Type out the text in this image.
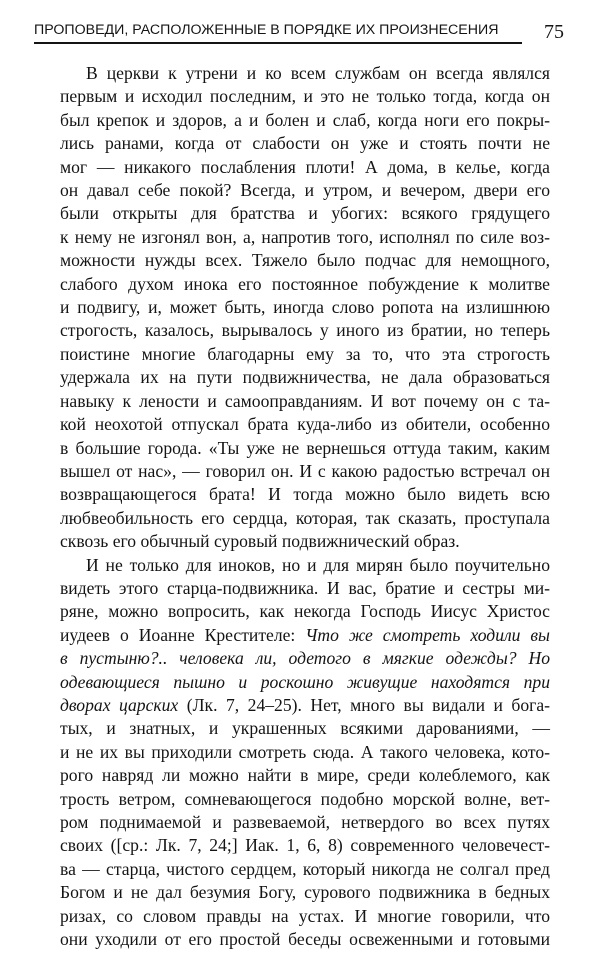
ПРОПОВЕДИ, РАСПОЛОЖЕННЫЕ В ПОРЯДКЕ ИХ ПРОИЗНЕСЕНИЯ 75
В церкви к утрени и ко всем службам он всегда являлся
первым и исходил последним, и это не только тогда, когда он
был крепок и здоров, а и болен и слаб, когда ноги его покры-
лись ранами, когда от слабости он уже и стоять почти не
мог — никакого послабления плоти! А дома, в келье, когда
он давал себе покой? Всегда, и утром, и вечером, двери его
были открыты для братства и убогих: всякого грядущего
к нему не изгонял вон, а, напротив того, исполнял по силе воз-
можности нужды всех. Тяжело было подчас для немощного,
слабого духом инока его постоянное побуждение к молитве
и подвигу, и, может быть, иногда слово ропота на излишнюю
строгость, казалось, вырывалось у иного из братии, но теперь
поистине многие благодарны ему за то, что эта строгость
удержала их на пути подвижничества, не дала образоваться
навыку к лености и самооправданиям. И вот почему он с та-
кой неохотой отпускал брата куда-либо из обители, особенно
в большие города. «Ты уже не вернешься оттуда таким, каким
вышел от нас», — говорил он. И с какою радостью встречал он
возвращающегося брата! И тогда можно было видеть всю
любвеобильность его сердца, которая, так сказать, проступала
сквозь его обычный суровый подвижнический образ.
И не только для иноков, но и для мирян было поучительно
видеть этого старца-подвижника. И вас, братие и сестры ми-
ряне, можно вопросить, как некогда Господь Иисус Христос
иудеев о Иоанне Крестителе: Что же смотреть ходили вы
в пустыню?.. человека ли, одетого в мягкие одежды? Но
одевающиеся пышно и роскошно живущие находятся при
дворах царских (Лк. 7, 24–25). Нет, много вы видали и бога-
тых, и знатных, и украшенных всякими дарованиями, —
и не их вы приходили смотреть сюда. А такого человека, кото-
рого навряд ли можно найти в мире, среди колеблемого, как
трость ветром, сомневающегося подобно морской волне, вет-
ром поднимаемой и развеваемой, нетвердого во всех путях
своих ([ср.: Лк. 7, 24;] Иак. 1, 6, 8) современного человечест-
ва — старца, чистого сердцем, который никогда не солгал пред
Богом и не дал безумия Богу, сурового подвижника в бедных
ризах, со словом правды на устах. И многие говорили, что
они уходили от его простой беседы освеженными и готовыми
